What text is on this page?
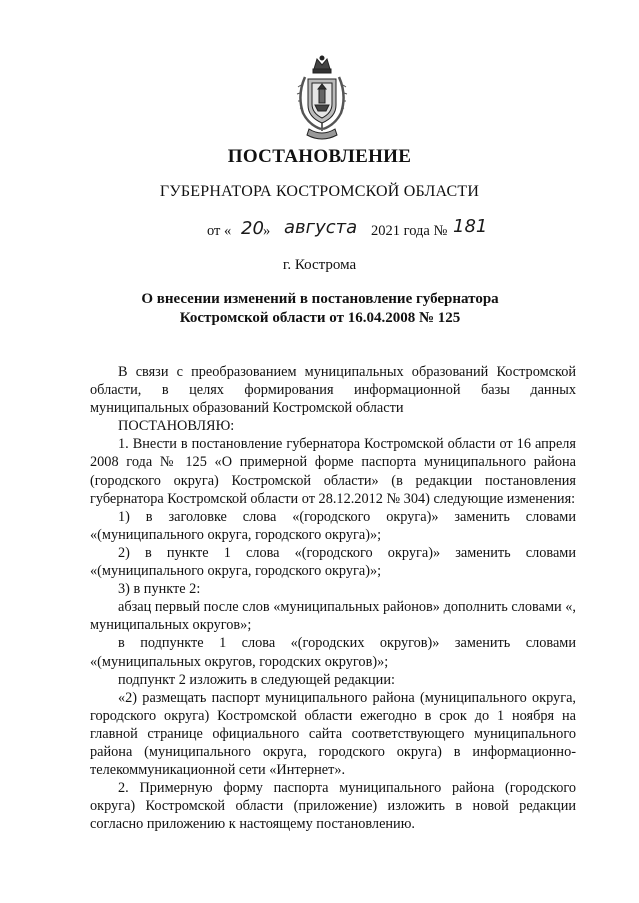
ПОСТАНОВЛЕНИЕ
ГУБЕРНАТОРА КОСТРОМСКОЙ ОБЛАСТИ
от « 20 » августа 2021 года № 181
г. Кострома
О внесении изменений в постановление губернатора
Костромской области от 16.04.2008 № 125

В связи с преобразованием муниципальных образований Костромской области, в целях формирования информационной базы данных муниципальных образований Костромской области

ПОСТАНОВЛЯЮ:

1. Внести в постановление губернатора Костромской области от 16 апреля 2008 года № 125 «О примерной форме паспорта муниципального района (городского округа) Костромской области» (в редакции постановления губернатора Костромской области от 28.12.2012 № 304) следующие изменения:

1) в заголовке слова «(городского округа)» заменить словами «(муниципального округа, городского округа)»;

2) в пункте 1 слова «(городского округа)» заменить словами «(муниципального округа, городского округа)»;

3) в пункте 2:

абзац первый после слов «муниципальных районов» дополнить словами «, муниципальных округов»;

в подпункте 1 слова «(городских округов)» заменить словами «(муниципальных округов, городских округов)»;

подпункт 2 изложить в следующей редакции:

«2) размещать паспорт муниципального района (муниципального округа, городского округа) Костромской области ежегодно в срок до 1 ноября на главной странице официального сайта соответствующего муниципального района (муниципального округа, городского округа) в информационно-телекоммуникационной сети «Интернет».

2. Примерную форму паспорта муниципального района (городского округа) Костромской области (приложение) изложить в новой редакции согласно приложению к настоящему постановлению.
